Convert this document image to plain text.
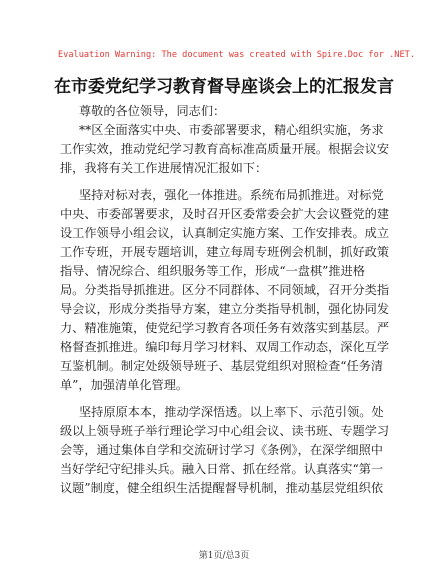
Evaluation Warning: The document was created with Spire.Doc for .NET.
在市委党纪学习教育督导座谈会上的汇报发言
尊敬的各位领导，同志们：
**区全面落实中央、市委部署要求，精心组织实施，务求
工作实效，推动党纪学习教育高标准高质量开展。根据会议安
排，我将有关工作进展情况汇报如下：
坚持对标对表，强化一体推进。系统布局抓推进。对标党
中央、市委部署要求，及时召开区委常委会扩大会议暨党的建
设工作领导小组会议，认真制定实施方案、工作安排表。成立
工作专班，开展专题培训，建立每周专班例会机制，抓好政策
指导、情况综合、组织服务等工作，形成“一盘棋”推进格
局。分类指导抓推进。区分不同群体、不同领域，召开分类指
导会议，形成分类指导方案，建立分类指导机制，强化协同发
力、精准施策，使党纪学习教育各项任务有效落实到基层。严
格督查抓推进。编印每月学习材料、双周工作动态，深化互学
互鉴机制。制定处级领导班子、基层党组织对照检查“任务清
单”，加强清单化管理。
坚持原原本本，推动学深悟透。以上率下、示范引领。处
级以上领导班子举行理论学习中心组会议、读书班、专题学习
会等，通过集体自学和交流研讨学习《条例》，在深学细照中
当好学纪守纪排头兵。融入日常、抓在经常。认真落实“第一
议题”制度，健全组织生活提醒督导机制，推动基层党组织依
第1页/总3页
